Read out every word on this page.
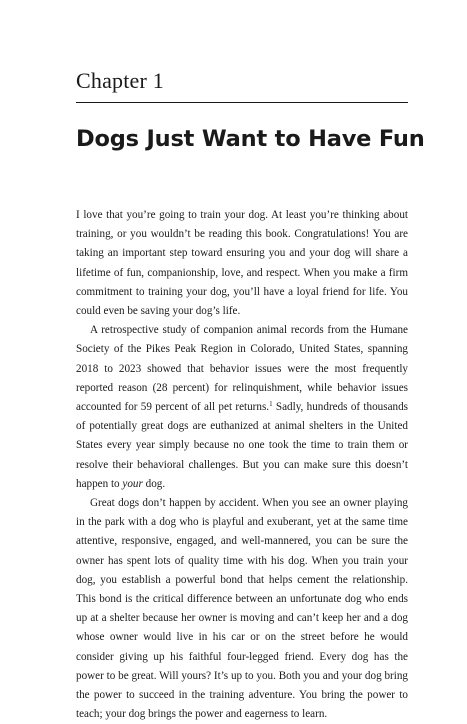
Chapter 1
Dogs Just Want to Have Fun

I love that you’re going to train your dog. At least you’re thinking about training, or you wouldn’t be reading this book. Congratulations! You are taking an important step toward ensuring you and your dog will share a lifetime of fun, companionship, love, and respect. When you make a firm commitment to training your dog, you’ll have a loyal friend for life. You could even be saving your dog’s life.

A retrospective study of companion animal records from the Humane Society of the Pikes Peak Region in Colorado, United States, spanning 2018 to 2023 showed that behavior issues were the most frequently reported reason (28 percent) for relinquishment, while behavior issues accounted for 59 percent of all pet returns.$^1$ Sadly, hundreds of thousands of potentially great dogs are euthanized at animal shelters in the United States every year simply because no one took the time to train them or resolve their behavioral challenges. But you can make sure this doesn’t happen to your dog.

Great dogs don’t happen by accident. When you see an owner playing in the park with a dog who is playful and exuberant, yet at the same time attentive, responsive, engaged, and well-mannered, you can be sure the owner has spent lots of quality time with his dog. When you train your dog, you establish a powerful bond that helps cement the relationship. This bond is the critical difference between an unfortunate dog who ends up at a shelter because her owner is moving and can’t keep her and a dog whose owner would live in his car or on the street before he would consider giving up his faithful four-legged friend. Every dog has the power to be great. Will yours? It’s up to you. Both you and your dog bring the power to succeed in the training adventure. You bring the power to teach; your dog brings the power and eagerness to learn.
